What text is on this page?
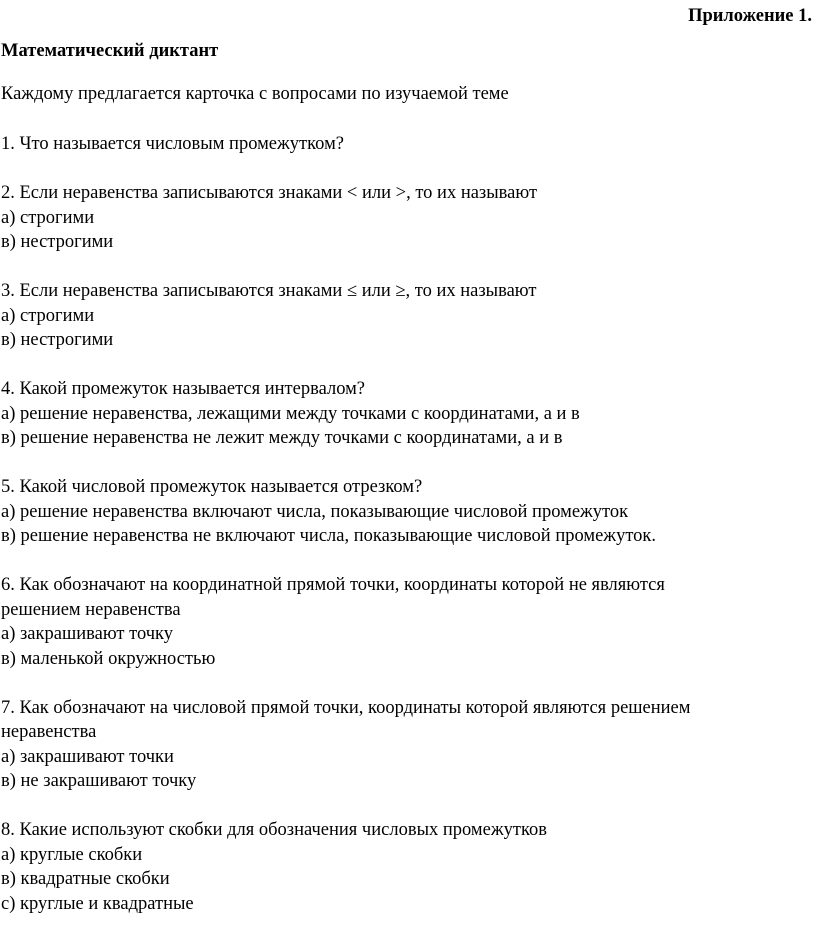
Приложение 1.
Математический диктант
Каждому предлагается карточка с вопросами по изучаемой теме
1. Что называется числовым промежутком?
2. Если неравенства записываются знаками < или >, то их называют
а) строгими
в) нестрогими
3. Если неравенства записываются знаками ≤ или ≥, то их называют
а) строгими
в) нестрогими
4. Какой промежуток называется интервалом?
а) решение неравенства, лежащими между точками с координатами, а и в
в) решение неравенства не лежит между точками с координатами, а и в
5. Какой числовой промежуток называется отрезком?
а) решение неравенства включают числа, показывающие числовой промежуток
в) решение неравенства не включают числа, показывающие числовой промежуток.
6. Как обозначают на координатной прямой точки, координаты которой не являются
решением неравенства
а) закрашивают точку
в) маленькой окружностью
7. Как обозначают на числовой прямой точки, координаты которой являются решением
неравенства
а) закрашивают точки
в) не закрашивают точку
8. Какие используют скобки для обозначения числовых промежутков
а) круглые скобки
в) квадратные скобки
с) круглые и квадратные
